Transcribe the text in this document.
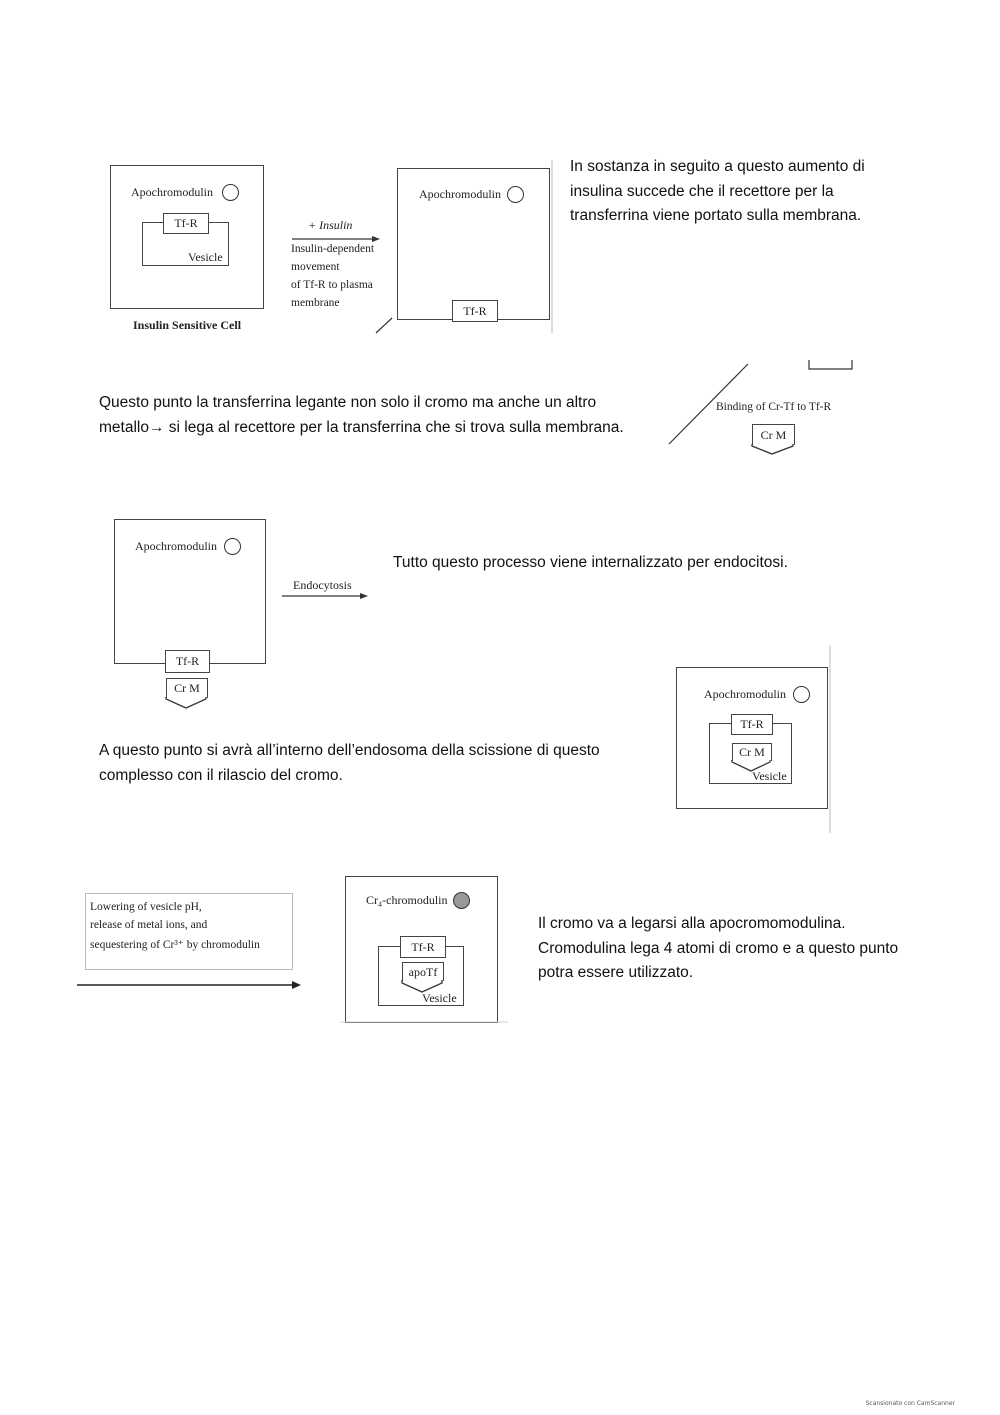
In sostanza in seguito a questo aumento di insulina succede che il recettore per la transferrina viene portato sulla membrana.

Questo punto la transferrina legante non solo il cromo ma anche un altro metallo→ si lega al recettore per la transferrina che si trova sulla membrana.

Tutto questo processo viene internalizzato per endocitosi.

A questo punto si avrà all’interno dell’endosoma della scissione di questo complesso con il rilascio del cromo.

Il cromo va a legarsi alla apocromomodulina. Cromodulina lega 4 atomi di cromo e a questo punto potra essere utilizzato.

Apochromodulin
Tf-R
Vesicle
Insulin Sensitive Cell
+ Insulin
Insulin-dependent
movement
of Tf-R to plasma
membrane
Apochromodulin
Tf-R
Binding of Cr-Tf to Tf-R
Cr M
Apochromodulin
Tf-R
Cr M
Endocytosis
Apochromodulin
Tf-R
Cr M
Vesicle
Lowering of vesicle pH,
release of metal ions, and
sequestering of Cr³⁺ by chromodulin
Cr₄-chromodulin
Tf-R
apoTf
Vesicle
Scansionato con CamScanner
